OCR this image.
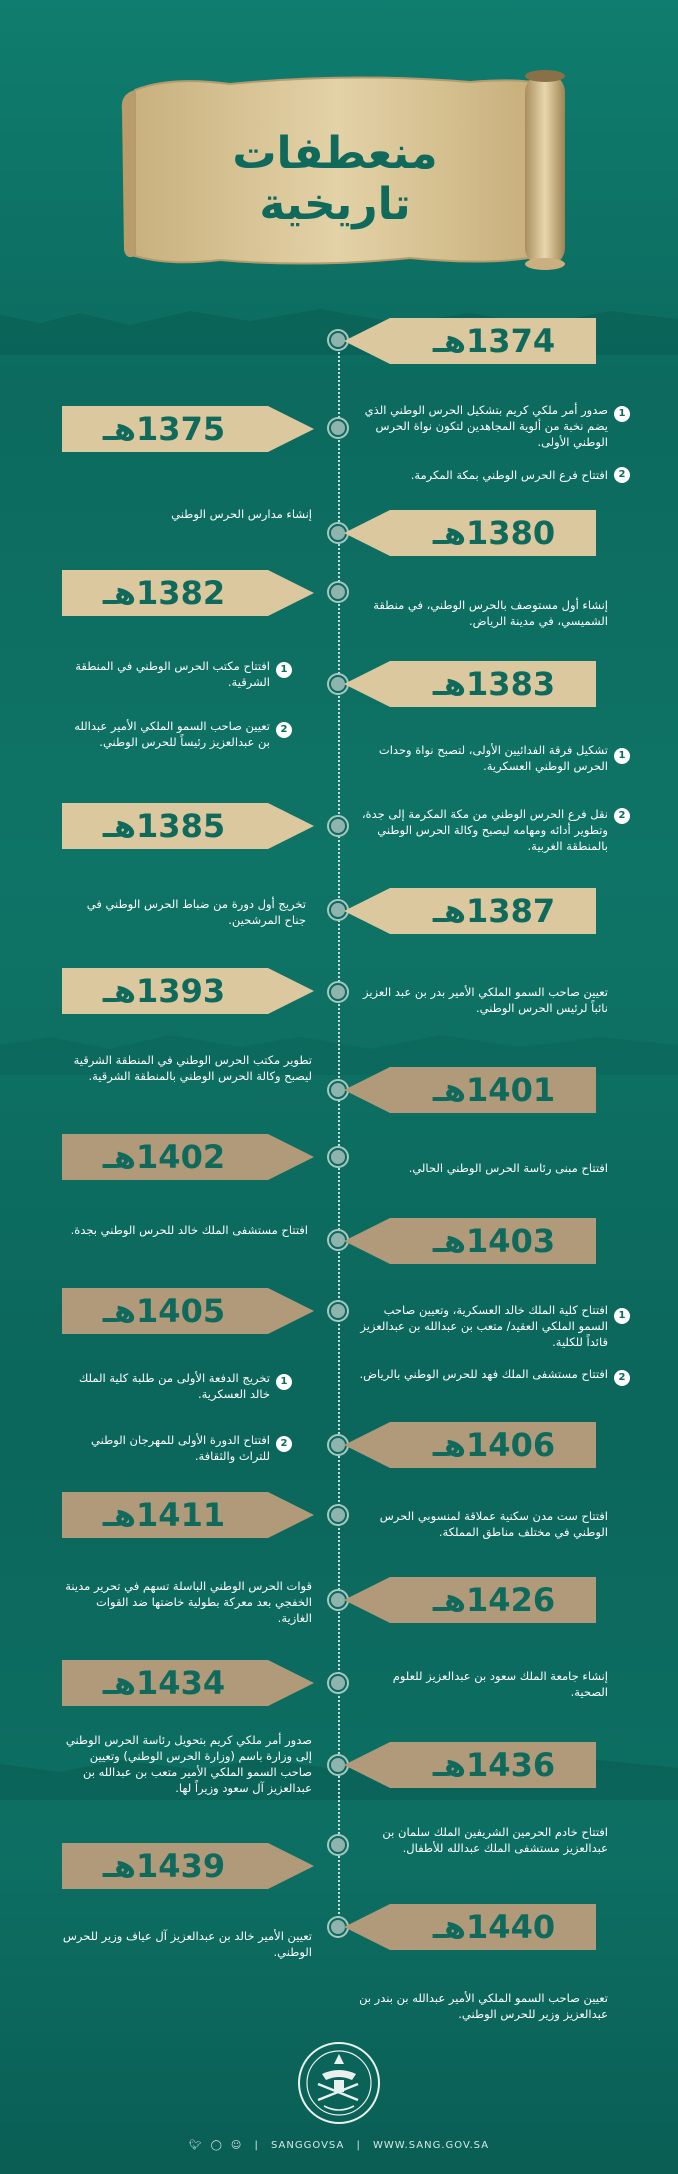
منعطفات تاريخية
1374هـ
1375هـ
1380هـ
1382هـ
1383هـ
1385هـ
1387هـ
1393هـ
1401هـ
1402هـ
1403هـ
1405هـ
1406هـ
1411هـ
1426هـ
1434هـ
1436هـ
1439هـ
1440هـ
1
صدور أمر ملكي كريم بتشكيل الحرس الوطني الذي يضم نخبة من ألوية المجاهدين لتكون نواة الحرس الوطني الأولى.
2
افتتاح فرع الحرس الوطني بمكة المكرمة.
إنشاء مدارس الحرس الوطني
إنشاء أول مستوصف بالحرس الوطني، في منطقة الشميسي، في مدينة الرياض.
1
افتتاح مكتب الحرس الوطني في المنطقة الشرقية.
2
تعيين صاحب السمو الملكي الأمير عبدالله بن عبدالعزيز رئيساً للحرس الوطني.
1
تشكيل فرقة الفدائيين الأولى، لتصبح نواة وحدات الحرس الوطني العسكرية.
2
نقل فرع الحرس الوطني من مكة المكرمة إلى جدة، وتطوير أدائه ومهامه ليصبح وكالة الحرس الوطني بالمنطقة الغربية.
تخريج أول دورة من ضباط الحرس الوطني في جناح المرشحين.
تعيين صاحب السمو الملكي الأمير بدر بن عبد العزيز نائباً لرئيس الحرس الوطني.
تطوير مكتب الحرس الوطني في المنطقة الشرقية ليصبح وكالة الحرس الوطني بالمنطقة الشرقية.
افتتاح مبنى رئاسة الحرس الوطني الحالي.
افتتاح مستشفى الملك خالد للحرس الوطني بجدة.
1
افتتاح كلية الملك خالد العسكرية، وتعيين صاحب السمو الملكي العقيد/ متعب بن عبدالله بن عبدالعزيز قائداً للكلية.
2
افتتاح مستشفى الملك فهد للحرس الوطني بالرياض.
1
تخريج الدفعة الأولى من طلبة كلية الملك خالد العسكرية.
2
افتتاح الدورة الأولى للمهرجان الوطني للتراث والثقافة.
افتتاح ست مدن سكنية عملاقة لمنسوبي الحرس الوطني في مختلف مناطق المملكة.
قوات الحرس الوطني الباسلة تسهم في تحرير مدينة الخفجي بعد معركة بطولية خاضتها ضد القوات الغازية.
إنشاء جامعة الملك سعود بن عبدالعزيز للعلوم الصحية.
صدور أمر ملكي كريم بتحويل رئاسة الحرس الوطني إلى وزارة باسم (وزارة الحرس الوطني) وتعيين صاحب السمو الملكي الأمير متعب بن عبدالله بن عبدالعزيز آل سعود وزيراً لها.
افتتاح خادم الحرمين الشريفين الملك سلمان بن عبدالعزيز مستشفى الملك عبدالله للأطفال.
تعيين الأمير خالد بن عبدالعزيز آل عياف وزير للحرس الوطني.
تعيين صاحب السمو الملكي الأمير عبدالله بن بندر بن عبدالعزيز وزير للحرس الوطني.
🐦︎ ◯ ☺ | SANGGOVSA | WWW.SANG.GOV.SA
